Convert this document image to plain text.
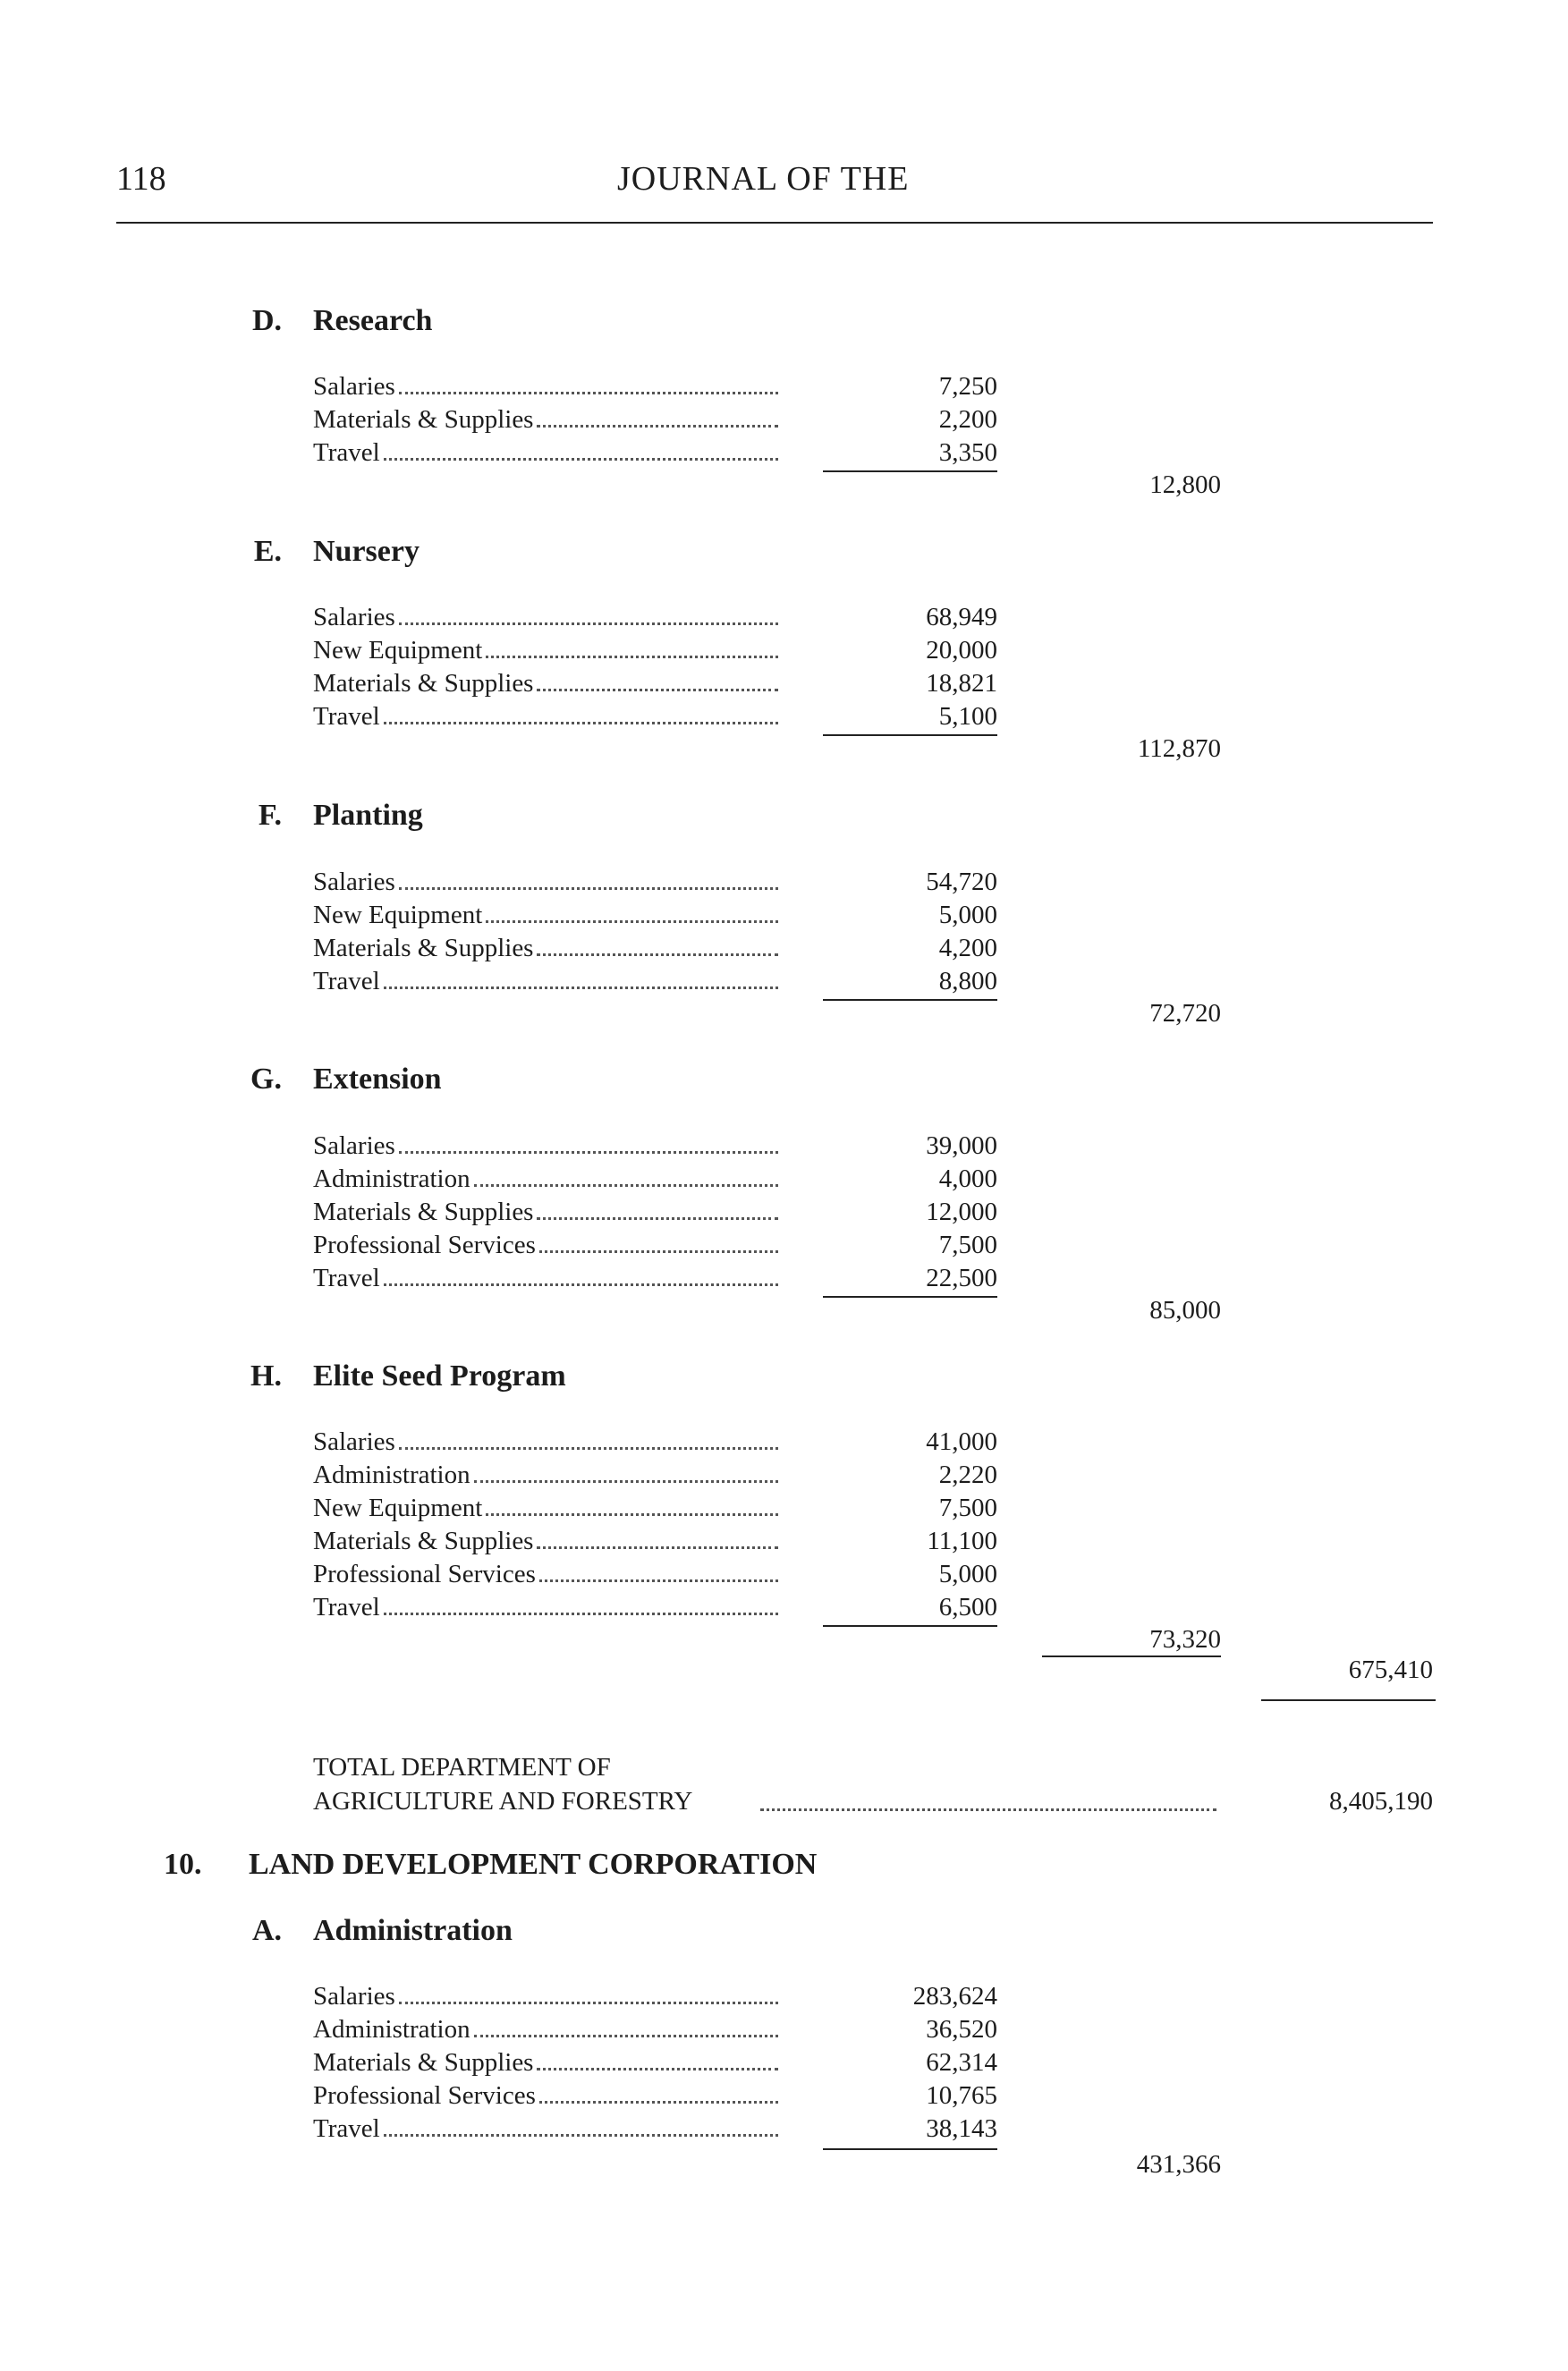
118	JOURNAL OF THE
D. Research
Salaries	7,250
Materials & Supplies	2,200
Travel	3,350
12,800
E. Nursery
Salaries	68,949
New Equipment	20,000
Materials & Supplies	18,821
Travel	5,100
112,870
F. Planting
Salaries	54,720
New Equipment	5,000
Materials & Supplies	4,200
Travel	8,800
72,720
G. Extension
Salaries	39,000
Administration	4,000
Materials & Supplies	12,000
Professional Services	7,500
Travel	22,500
85,000
H. Elite Seed Program
Salaries	41,000
Administration	2,220
New Equipment	7,500
Materials & Supplies	11,100
Professional Services	5,000
Travel	6,500
73,320
675,410
TOTAL DEPARTMENT OF
AGRICULTURE AND FORESTRY	8,405,190
10. LAND DEVELOPMENT CORPORATION
A. Administration
Salaries	283,624
Administration	36,520
Materials & Supplies	62,314
Professional Services	10,765
Travel	38,143
431,366
